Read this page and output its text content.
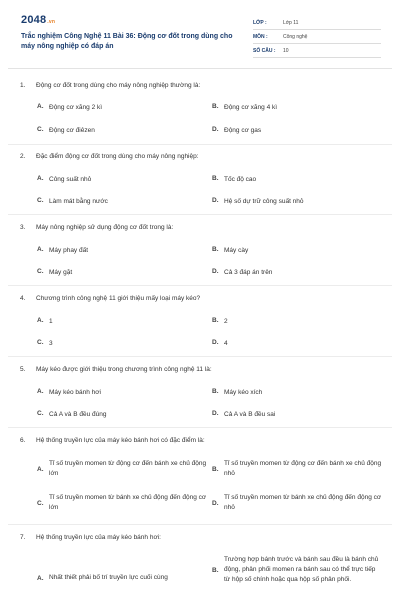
2048.vn
Trắc nghiệm Công Nghệ 11 Bài 36: Động cơ đốt trong dùng cho máy nông nghiệp có đáp án
LỚP :	Lớp 11
MÔN :	Công nghệ
SỐ CÂU :	10
1. Động cơ đốt trong dùng cho máy nông nghiệp thường là:
A. Động cơ xăng 2 kì	B. Động cơ xăng 4 kì
C. Động cơ điêzen	D. Động cơ gas
2. Đặc điểm động cơ đốt trong dùng cho máy nông nghiệp:
A. Công suất nhỏ	B. Tốc độ cao
C. Làm mát bằng nước	D. Hệ số dự trữ công suất nhỏ
3. Máy nông nghiệp sử dụng động cơ đốt trong là:
A. Máy phay đất	B. Máy cày
C. Máy gặt	D. Cả 3 đáp án trên
4. Chương trình công nghệ 11 giới thiệu mấy loại máy kéo?
A. 1	B. 2
C. 3	D. 4
5. Máy kéo được giới thiệu trong chương trình công nghệ 11 là:
A. Máy kéo bánh hơi	B. Máy kéo xích
C. Cả A và B đều đúng	D. Cả A và B đều sai
6. Hệ thống truyền lực của máy kéo bánh hơi có đặc điểm là:
A.
Tỉ số truyền momen từ động cơ đến bánh xe chủ động lớn
B.
Tỉ số truyền momen từ động cơ đến bánh xe chủ động nhỏ
C.
Tỉ số truyền momen từ bánh xe chủ động đến động cơ lớn
D.
Tỉ số truyền momen từ bánh xe chủ động đến động cơ nhỏ
7. Hệ thống truyền lực của máy kéo bánh hơi:
A. Nhất thiết phải bố trí truyền lực cuối cùng
B.
Trường hợp bánh trước và bánh sau đều là bánh chủ động, phân phối momen ra bánh sau có thể trực tiếp từ hộp số chính hoặc qua hộp số phân phối.
